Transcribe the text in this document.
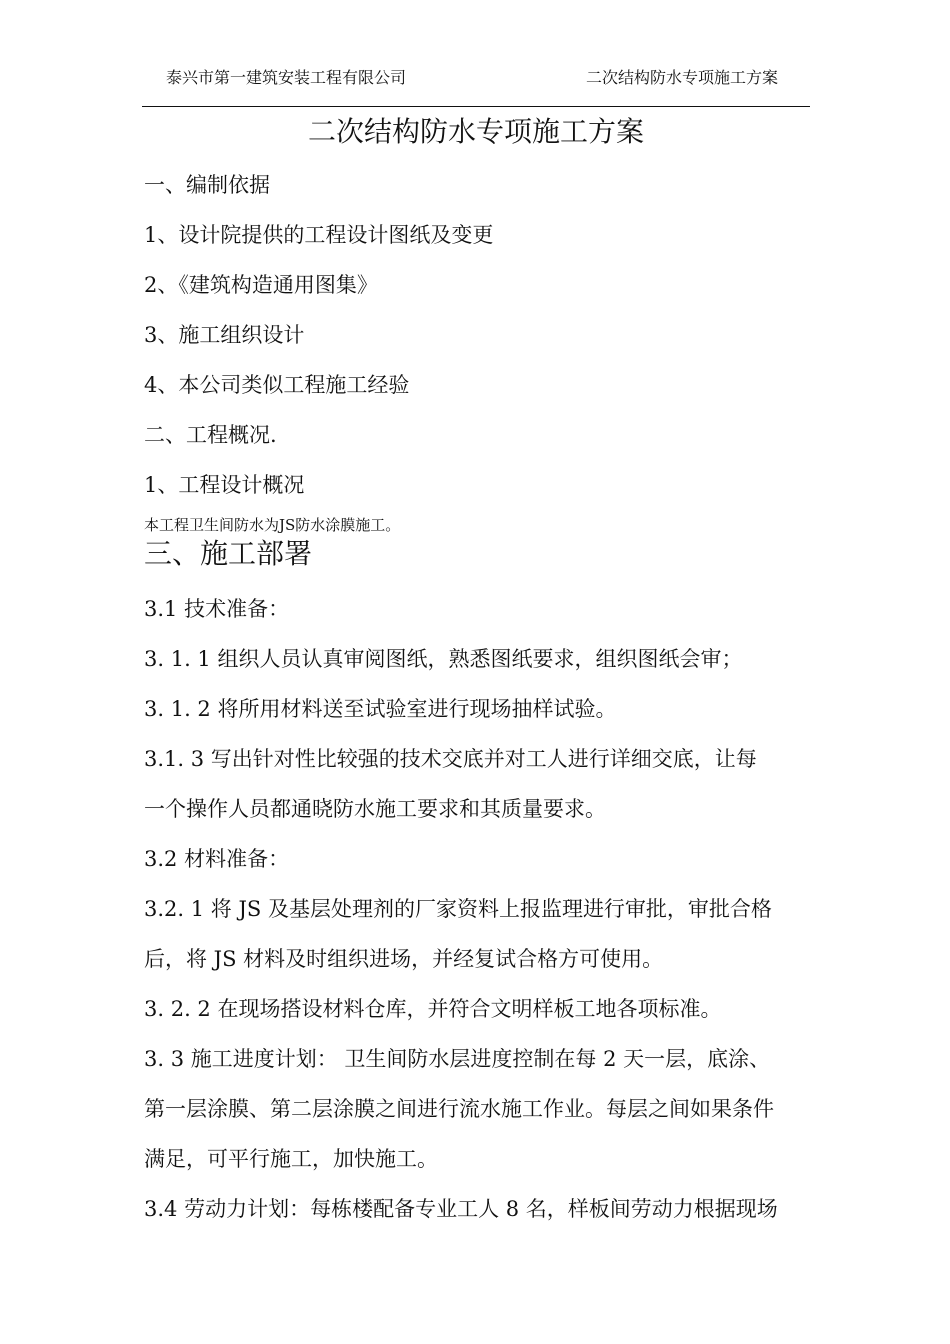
泰兴市第一建筑安装工程有限公司	二次结构防水专项施工方案
二次结构防水专项施工方案
一、编制依据
1、设计院提供的工程设计图纸及变更
2、《建筑构造通用图集》
3、施工组织设计
4、本公司类似工程施工经验
二、工程概况.
1、工程设计概况
本工程卫生间防水为JS防水涂膜施工。
三、施工部署
3.1 技术准备：
3. 1. 1 组织人员认真审阅图纸，熟悉图纸要求，组织图纸会审；
3. 1. 2 将所用材料送至试验室进行现场抽样试验。
3.1. 3 写出针对性比较强的技术交底并对工人进行详细交底，让每
一个操作人员都通晓防水施工要求和其质量要求。
3.2 材料准备：
3.2. 1 将 JS 及基层处理剂的厂家资料上报监理进行审批，审批合格
后，将 JS 材料及时组织进场，并经复试合格方可使用。
3. 2. 2 在现场搭设材料仓库，并符合文明样板工地各项标准。
3. 3 施工进度计划： 卫生间防水层进度控制在每 2 天一层，底涂、
第一层涂膜、第二层涂膜之间进行流水施工作业。每层之间如果条件
满足，可平行施工，加快施工。
3.4 劳动力计划：每栋楼配备专业工人 8 名，样板间劳动力根据现场
